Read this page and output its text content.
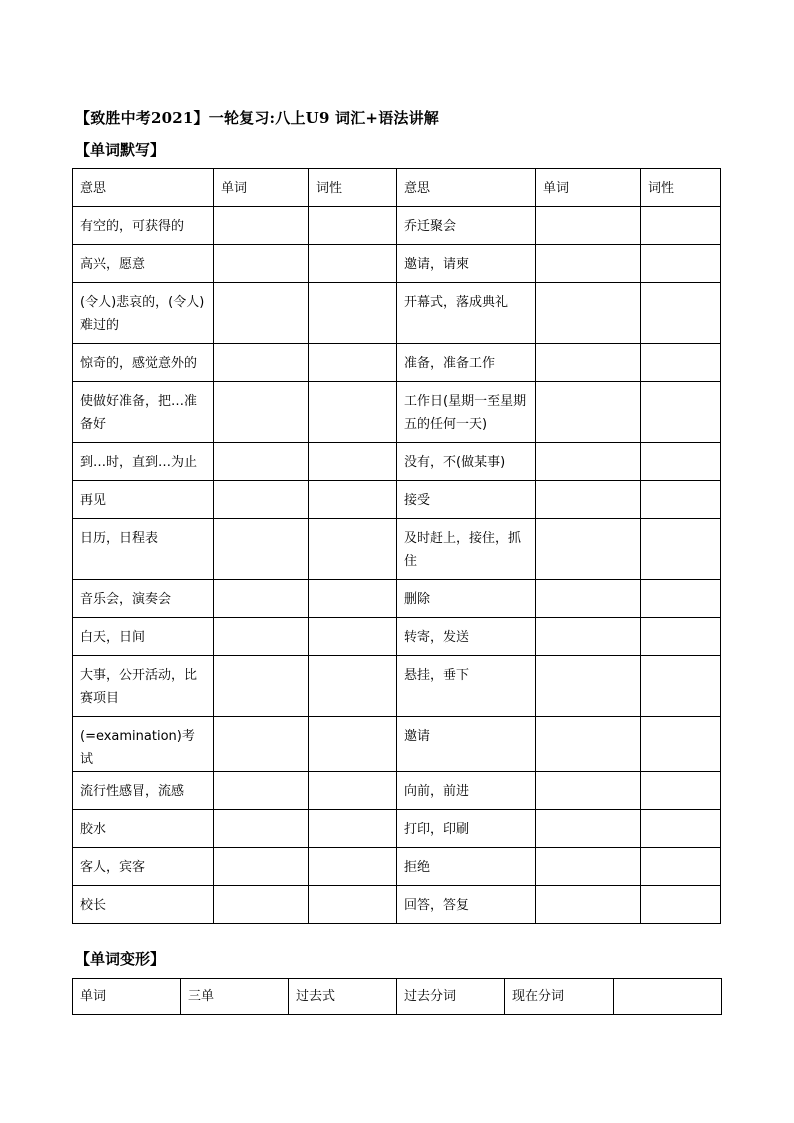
【致胜中考2021】一轮复习:八上U9 词汇+语法讲解
【单词默写】
意思	单词	词性	意思	单词	词性
有空的，可获得的			乔迁聚会		
高兴，愿意			邀请，请柬		
(令人)悲哀的，(令人)难过的			开幕式，落成典礼		
惊奇的，感觉意外的			准备，准备工作		
使做好准备，把…准备好			工作日(星期一至星期五的任何一天)		
到…时，直到…为止			没有，不(做某事)		
再见			接受		
日历，日程表			及时赶上，接住，抓住		
音乐会，演奏会			删除		
白天，日间			转寄，发送		
大事，公开活动，比赛项目			悬挂，垂下		
(=examination)考试			邀请		
流行性感冒，流感			向前，前进		
胶水			打印，印刷		
客人，宾客			拒绝		
校长			回答，答复		
【单词变形】
单词	三单	过去式	过去分词	现在分词	
